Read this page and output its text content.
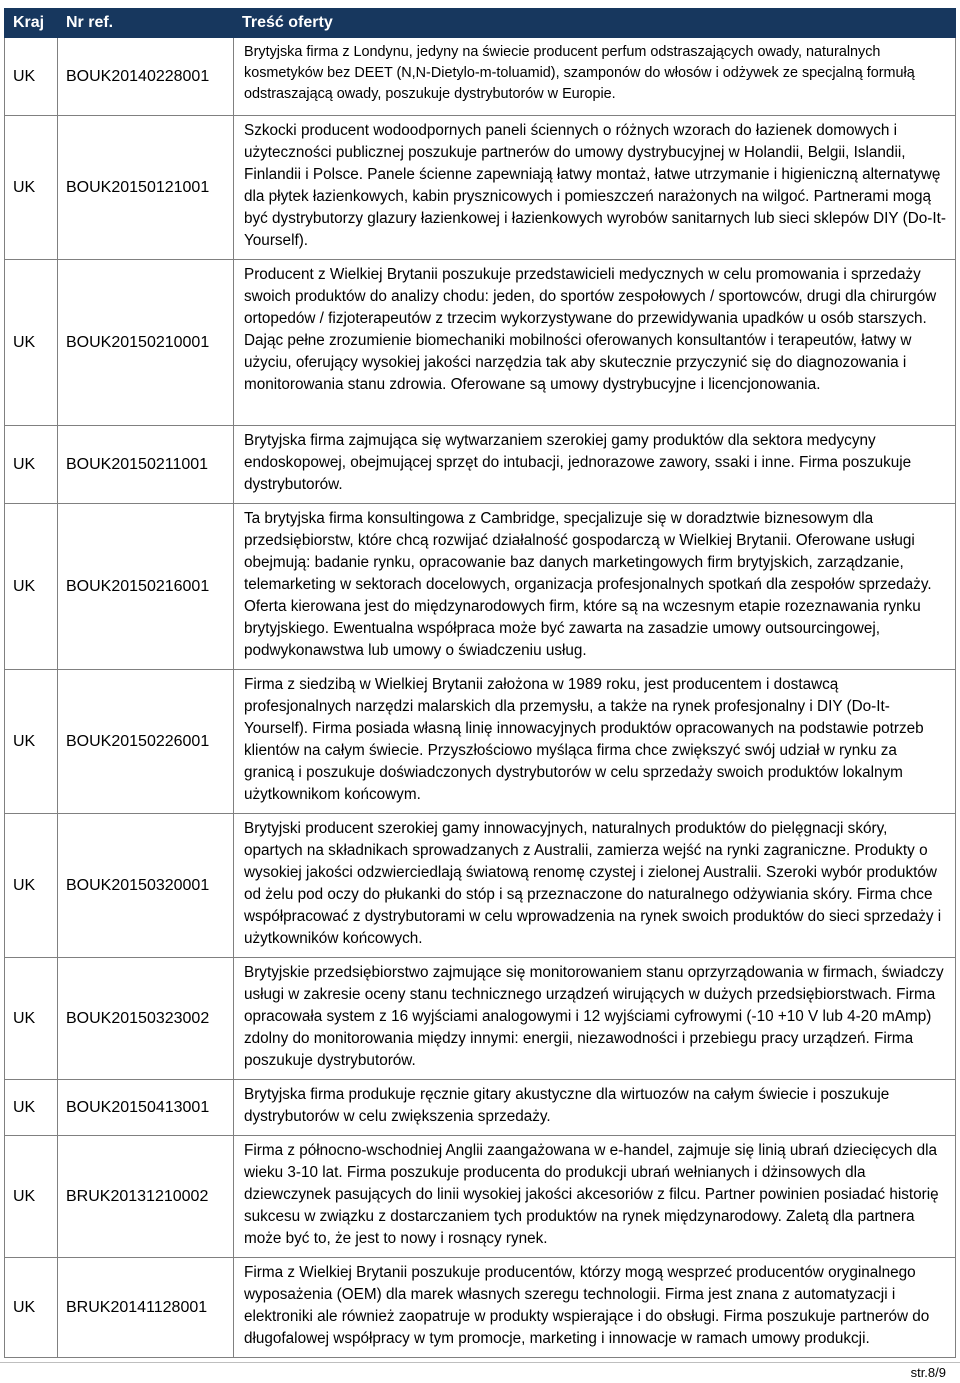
Kraj	Nr ref.	Treść oferty
UK	BOUK20140228001	Brytyjska firma z Londynu, jedyny na świecie producent perfum odstraszających owady, naturalnych kosmetyków bez DEET (N,N-Dietylo-m-toluamid), szamponów do włosów i odżywek ze specjalną formułą odstraszającą owady, poszukuje dystrybutorów w Europie.
UK	BOUK20150121001	Szkocki producent wodoodpornych paneli ściennych o różnych wzorach do łazienek domowych i użyteczności publicznej poszukuje partnerów do umowy dystrybucyjnej w Holandii, Belgii, Islandii, Finlandii i Polsce. Panele ścienne zapewniają łatwy montaż, łatwe utrzymanie i higieniczną alternatywę dla płytek łazienkowych, kabin prysznicowych i pomieszczeń narażonych na wilgoć. Partnerami mogą być dystrybutorzy glazury łazienkowej i łazienkowych wyrobów sanitarnych lub sieci sklepów DIY (Do-It-Yourself).
UK	BOUK20150210001	Producent z Wielkiej Brytanii poszukuje przedstawicieli medycznych w celu promowania i sprzedaży swoich produktów do analizy chodu: jeden, do sportów zespołowych / sportowców, drugi dla chirurgów ortopedów / fizjoterapeutów z trzecim wykorzystywane do przewidywania upadków u osób starszych. Dając pełne zrozumienie biomechaniki mobilności oferowanych konsultantów i terapeutów, łatwy w użyciu, oferujący wysokiej jakości narzędzia tak aby skutecznie przyczynić się do diagnozowania i monitorowania stanu zdrowia. Oferowane są umowy dystrybucyjne i licencjonowania.
UK	BOUK20150211001	Brytyjska firma zajmująca się wytwarzaniem szerokiej gamy produktów dla sektora medycyny endoskopowej, obejmującej sprzęt do intubacji, jednorazowe zawory, ssaki i inne. Firma poszukuje dystrybutorów.
UK	BOUK20150216001	Ta brytyjska firma konsultingowa z Cambridge, specjalizuje się w doradztwie biznesowym dla przedsiębiorstw, które chcą rozwijać działalność gospodarczą w Wielkiej Brytanii. Oferowane usługi obejmują: badanie rynku, opracowanie baz danych marketingowych firm brytyjskich, zarządzanie, telemarketing w sektorach docelowych, organizacja profesjonalnych spotkań dla zespołów sprzedaży. Oferta kierowana jest do międzynarodowych firm, które są na wczesnym etapie rozeznawania rynku brytyjskiego. Ewentualna współpraca może być zawarta na zasadzie umowy outsourcingowej, podwykonawstwa lub umowy o świadczeniu usług.
UK	BOUK20150226001	Firma z siedzibą w Wielkiej Brytanii założona w 1989 roku, jest producentem i dostawcą profesjonalnych narzędzi malarskich dla przemysłu, a także na rynek profesjonalny i DIY (Do-It-Yourself). Firma posiada własną linię innowacyjnych produktów opracowanych na podstawie potrzeb klientów na całym świecie. Przyszłościowo myśląca firma chce zwiększyć swój udział w rynku za granicą i poszukuje doświadczonych dystrybutorów w celu sprzedaży swoich produktów lokalnym użytkownikom końcowym.
UK	BOUK20150320001	Brytyjski producent szerokiej gamy innowacyjnych, naturalnych produktów do pielęgnacji skóry, opartych na składnikach sprowadzanych z Australii, zamierza wejść na rynki zagraniczne. Produkty o wysokiej jakości odzwierciedlają światową renomę czystej i zielonej Australii. Szeroki wybór produktów od żelu pod oczy do płukanki do stóp i są przeznaczone do naturalnego odżywiania skóry. Firma chce współpracować z dystrybutorami w celu wprowadzenia na rynek swoich produktów do sieci sprzedaży i użytkowników końcowych.
UK	BOUK20150323002	Brytyjskie przedsiębiorstwo zajmujące się monitorowaniem stanu oprzyrządowania w firmach, świadczy usługi w zakresie oceny stanu technicznego urządzeń wirujących w dużych przedsiębiorstwach. Firma opracowała system z 16 wyjściami analogowymi i 12 wyjściami cyfrowymi (-10 +10 V lub 4-20 mAmp) zdolny do monitorowania między innymi: energii, niezawodności i przebiegu pracy urządzeń. Firma poszukuje dystrybutorów.
UK	BOUK20150413001	Brytyjska firma produkuje ręcznie gitary akustyczne dla wirtuozów na całym świecie i poszukuje dystrybutorów w celu zwiększenia sprzedaży.
UK	BRUK20131210002	Firma z północno-wschodniej Anglii zaangażowana w e-handel, zajmuje się linią ubrań dziecięcych dla wieku 3-10 lat. Firma poszukuje producenta do produkcji ubrań wełnianych i dżinsowych dla dziewczynek pasujących do linii wysokiej jakości akcesoriów z filcu. Partner powinien posiadać historię sukcesu w związku z dostarczaniem tych produktów na rynek międzynarodowy. Zaletą dla partnera może być to, że jest to nowy i rosnący rynek.
UK	BRUK20141128001	Firma z Wielkiej Brytanii poszukuje producentów, którzy mogą wesprzeć producentów oryginalnego wyposażenia (OEM) dla marek własnych szeregu technologii. Firma jest znana z automatyzacji i elektroniki ale również zaopatruje w produkty wspierające i do obsługi. Firma poszukuje partnerów do długofalowej współpracy w tym promocje, marketing i innowacje w ramach umowy produkcji.
str.8/9
